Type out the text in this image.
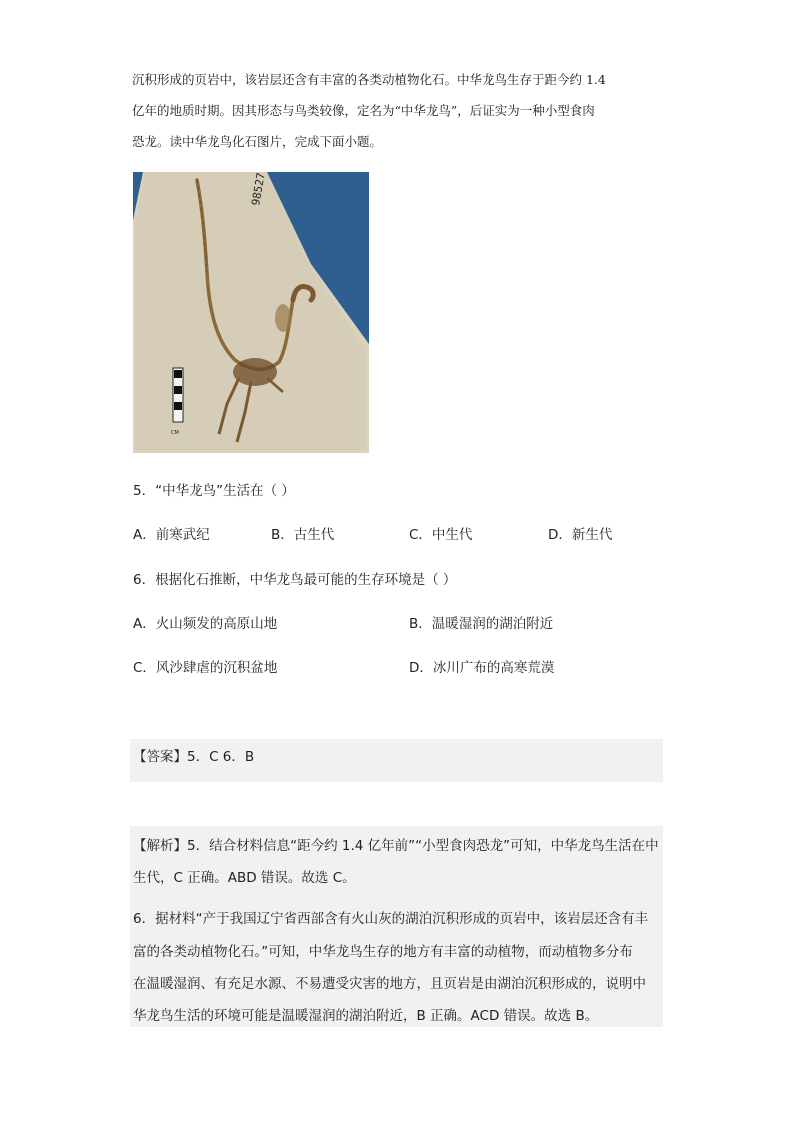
沉积形成的页岩中，该岩层还含有丰富的各类动植物化石。中华龙鸟生存于距今约 1.4

亿年的地质时期。因其形态与鸟类较像，定名为“中华龙鸟”，后证实为一种小型食肉

恐龙。读中华龙鸟化石图片，完成下面小题。

98527
CM
5．“中华龙鸟”生活在（ ）
A．前寒武纪	B．古生代	C．中生代	D．新生代
6．根据化石推断，中华龙鸟最可能的生存环境是（ ）
A．火山频发的高原山地	B．温暖湿润的湖泊附近
C．风沙肆虐的沉积盆地	D．冰川广布的高寒荒漠
【答案】5．C 6．B
【解析】5．结合材料信息“距今约 1.4 亿年前”“小型食肉恐龙”可知，中华龙鸟生活在中
生代，C 正确。ABD 错误。故选 C。
6．据材料“产于我国辽宁省西部含有火山灰的湖泊沉积形成的页岩中，该岩层还含有丰
富的各类动植物化石。”可知，中华龙鸟生存的地方有丰富的动植物，而动植物多分布
在温暖湿润、有充足水源、不易遭受灾害的地方，且页岩是由湖泊沉积形成的，说明中
华龙鸟生活的环境可能是温暖湿润的湖泊附近，B 正确。ACD 错误。故选 B。
